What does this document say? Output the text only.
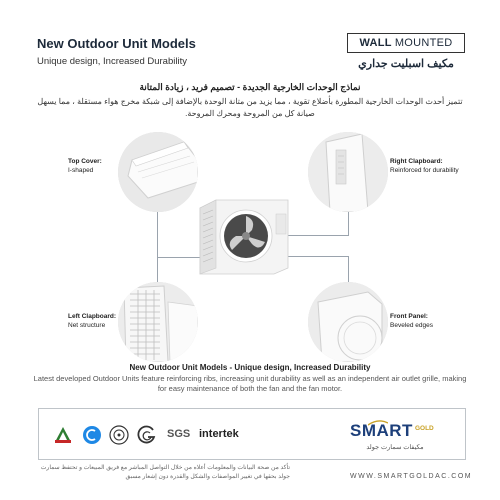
New Outdoor Unit Models
Unique design, Increased Durability
WALL MOUNTED
مكيف اسبليت جداري
نماذج الوحدات الخارجية الجديدة - تصميم فريد ، زيادة المتانة
تتميز أحدث الوحدات الخارجية المطورة بأضلاع تقوية ، مما يزيد من متانة الوحدة بالإضافة إلى شبكة مخرج هواء مستقلة ، مما يسهل صيانة كل من المروحة ومحرك المروحة.
Top Cover:
I-shaped
Right Clapboard:
Reinforced for durability
Left Clapboard:
Net structure
Front Panel:
Beveled edges
New Outdoor Unit Models - Unique design, Increased Durability
Latest developed Outdoor Units feature reinforcing ribs, increasing unit durability as well as an independent air outlet grille, making for easy maintenance of both the fan and the fan motor.
SGS intertek	SMART $^{GOLD}$
مكيفات سمارت جولد
تأكد من صحة البيانات والمعلومات أعلاه من خلال التواصل المباشر مع فريق المبيعات و تحتفظ سمارت جولد بحقها في تغيير المواصفات والشكل والقدرة دون إشعار مسبق	WWW.SMARTGOLDAC.COM
